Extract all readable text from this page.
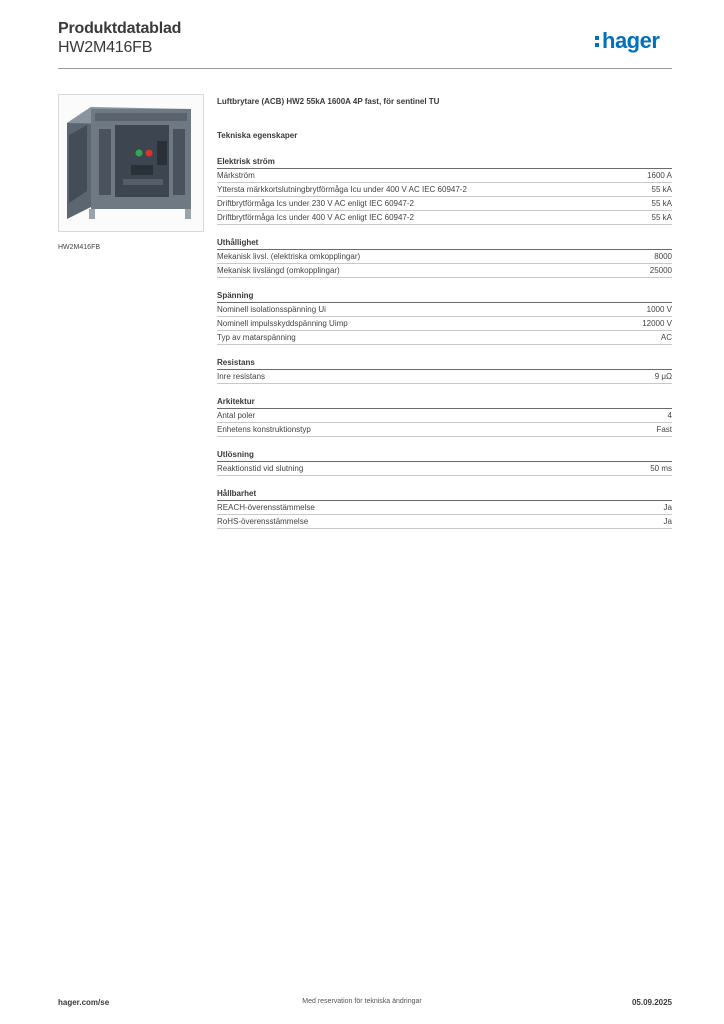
Produktdatablad
HW2M416FB	hager
HW2M416FB
Luftbrytare (ACB) HW2 55kA 1600A 4P fast, för sentinel TU
Tekniska egenskaper
Elektrisk ström
Märkström	1600 A
Yttersta märkkortslutningbrytförmåga Icu under 400 V AC IEC 60947-2	55 kA
Driftbrytförmåga Ics under 230 V AC enligt IEC 60947-2	55 kA
Driftbrytförmåga Ics under 400 V AC enligt IEC 60947-2	55 kA
Uthållighet
Mekanisk livsl. (elektriska omkopplingar)	8000
Mekanisk livslängd (omkopplingar)	25000
Spänning
Nominell isolationsspänning Ui	1000 V
Nominell impulsskyddspänning Uimp	12000 V
Typ av matarspänning	AC
Resistans
Inre resistans	9 μΩ
Arkitektur
Antal poler	4
Enhetens konstruktionstyp	Fast
Utlösning
Reaktionstid vid slutning	50 ms
Hållbarhet
REACH-överensstämmelse	Ja
RoHS-överensstämmelse	Ja
hager.com/se	Med reservation för tekniska ändringar	05.09.2025
